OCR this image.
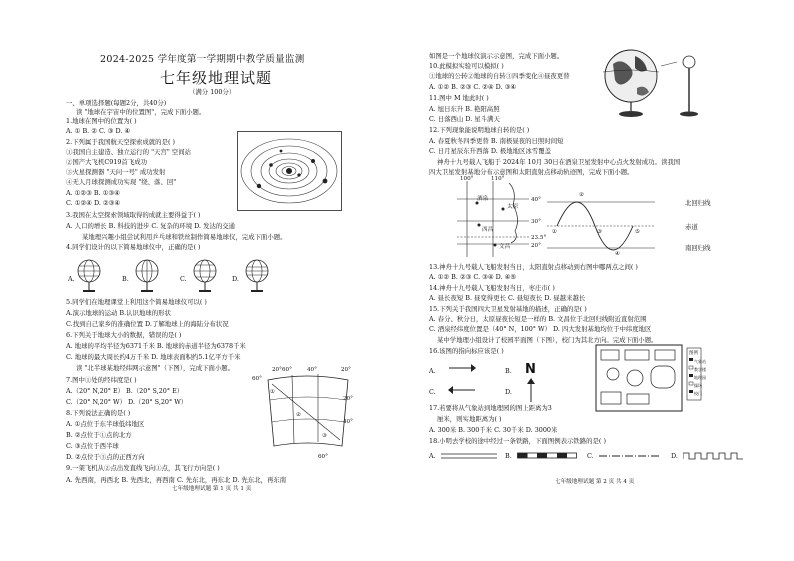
2024-2025 学年度第一学期期中教学质量监测
七年级地理试题
（满分 100分）
一、单项选择题(每题2分，共40分)
读 "地球在宇宙中的位置图"，完成下面小题。
1.地球在图中的位置为( )
A. ① B. ② C. ③ D. ④
2.下列属于我国航天空探索成就的是( )
①我国自主建造、独立运行的 "天宫" 空间站
②国产大飞机C919首飞成功
③火星探测器 "天问一号" 成功发射
④无人月球探测成功实现 "绕、落、回"
A. ①②③ B. ①③④
C. ①②④ D. ②③④
3.我国在太空探索领域取得的成就主要得益于( )
A. 人口的增长 B. 科技的进步 C. 复杂的环境 D. 发达的交通
某地理兴趣小组尝试利用乒乓球和铁丝制作简易地球仪，完成下面小题。
4.同学们设计的以下简易地球仪中，正确的是( )
A.	B.	C.	D.
5.同学们在地理课堂上利用这个简易地球仪可以( )
A.演示地球的运动 B.认识地球的形状
C.找到自己家乡的准确位置 D.了解地球上的海陆分布状况
6.下列关于地球大小的数据，错误的是( )
A. 地球的平均半径为6371千米 B. 地球的赤道半径为6378千米
C. 地球的最大周长约4万千米 D. 地球表面积约5.1亿平方千米
读 "北半球某地经纬网示意图"（下图），完成下面小题。
7.图中①处的经纬度是( )
A.（20° N,20° E） B.（20° S,20° E）
C.（20° N,20° W） D.（20° S,20° W）
8.下列说法正确的是( )
A. ①点位于东半球低纬地区
B. ②点位于①点的北方
C. ③点位于西半球
D. ②点位于③点的正西方向
9.一架飞机从②点出发直线飞向①点，其飞行方向是( )
A. 先西南，再西北 B. 先西北，再西南 C. 先东北，再东北 D. 先东北，再东南
60°
20° 60°	40°	20°
20°
40°
60°
①
②
③
七年级地理试题 第 1 页 共 1 页
如图是一个地球仪演示示意图，完成下面小题。
10.此模拟实验可以模拟( )
①地球的公转②地球的自转③四季变化④昼夜更替
A. ①② B. ②③ C. ②④ D. ③④
11.图中 M 地此时( )
A. 旭日东升 B. 艳阳高照
C. 日落西山 D. 星斗满天
12.下列现象能说明地球自转的是( )
A. 春夏秋冬四季更替 B. 南极昼夜的日照时间短
C. 日月星辰东升西落 D. 极地地区冰雪覆盖
神舟十九号载人飞船于 2024年 10月 30日在酒泉卫星发射中心点火发射成功。读我国
四大卫星发射基地分布示意图和太阳直射点移动轨迹图，完成下面小题。
100°	110°
40°
30°
23.5°
20°
酒泉
太原
西昌
文昌
北回归线
赤道
南回归线
①
②
③
④
⑤
13.神舟十九号载人飞船发射当日，太阳直射点移动到右图中哪两点之间( )
A. ①② B. ②③ C. ③④ D. ④⑤
14.神舟十九号载人飞船发射当日，枣庄市( )
A. 昼长夜短 B. 昼变得更长 C. 昼短夜长 D. 昼越来越长
15.下列关于我国四大卫星发射基地的描述，正确的是( )
A. 春分、秋分日，太原昼夜长短是一样的 B. 文昌位于北回归线附近直射范围
C. 酒泉经纬度位置是（40° N，100° W） D. 四大发射基地均位于中纬度地区
某中学地理小组设计了校园平面图（下图），校门为其北方向。完成下面小题。
16.该图的指向标应该是( )
A.	B.
C.	D.
N
图例
气象站
教学楼
地理园
操场
校门
17.若要将从气象站到地理园的图上距离为3
厘米，则实地距离为( )
A. 300米 B. 300千米 C. 30千米 D. 3000米
18.小明去学校的途中经过一条铁路，下面图例表示铁路的是( )
A.	B.	C.	D.
七年级地理试题 第 2 页 共 4 页
